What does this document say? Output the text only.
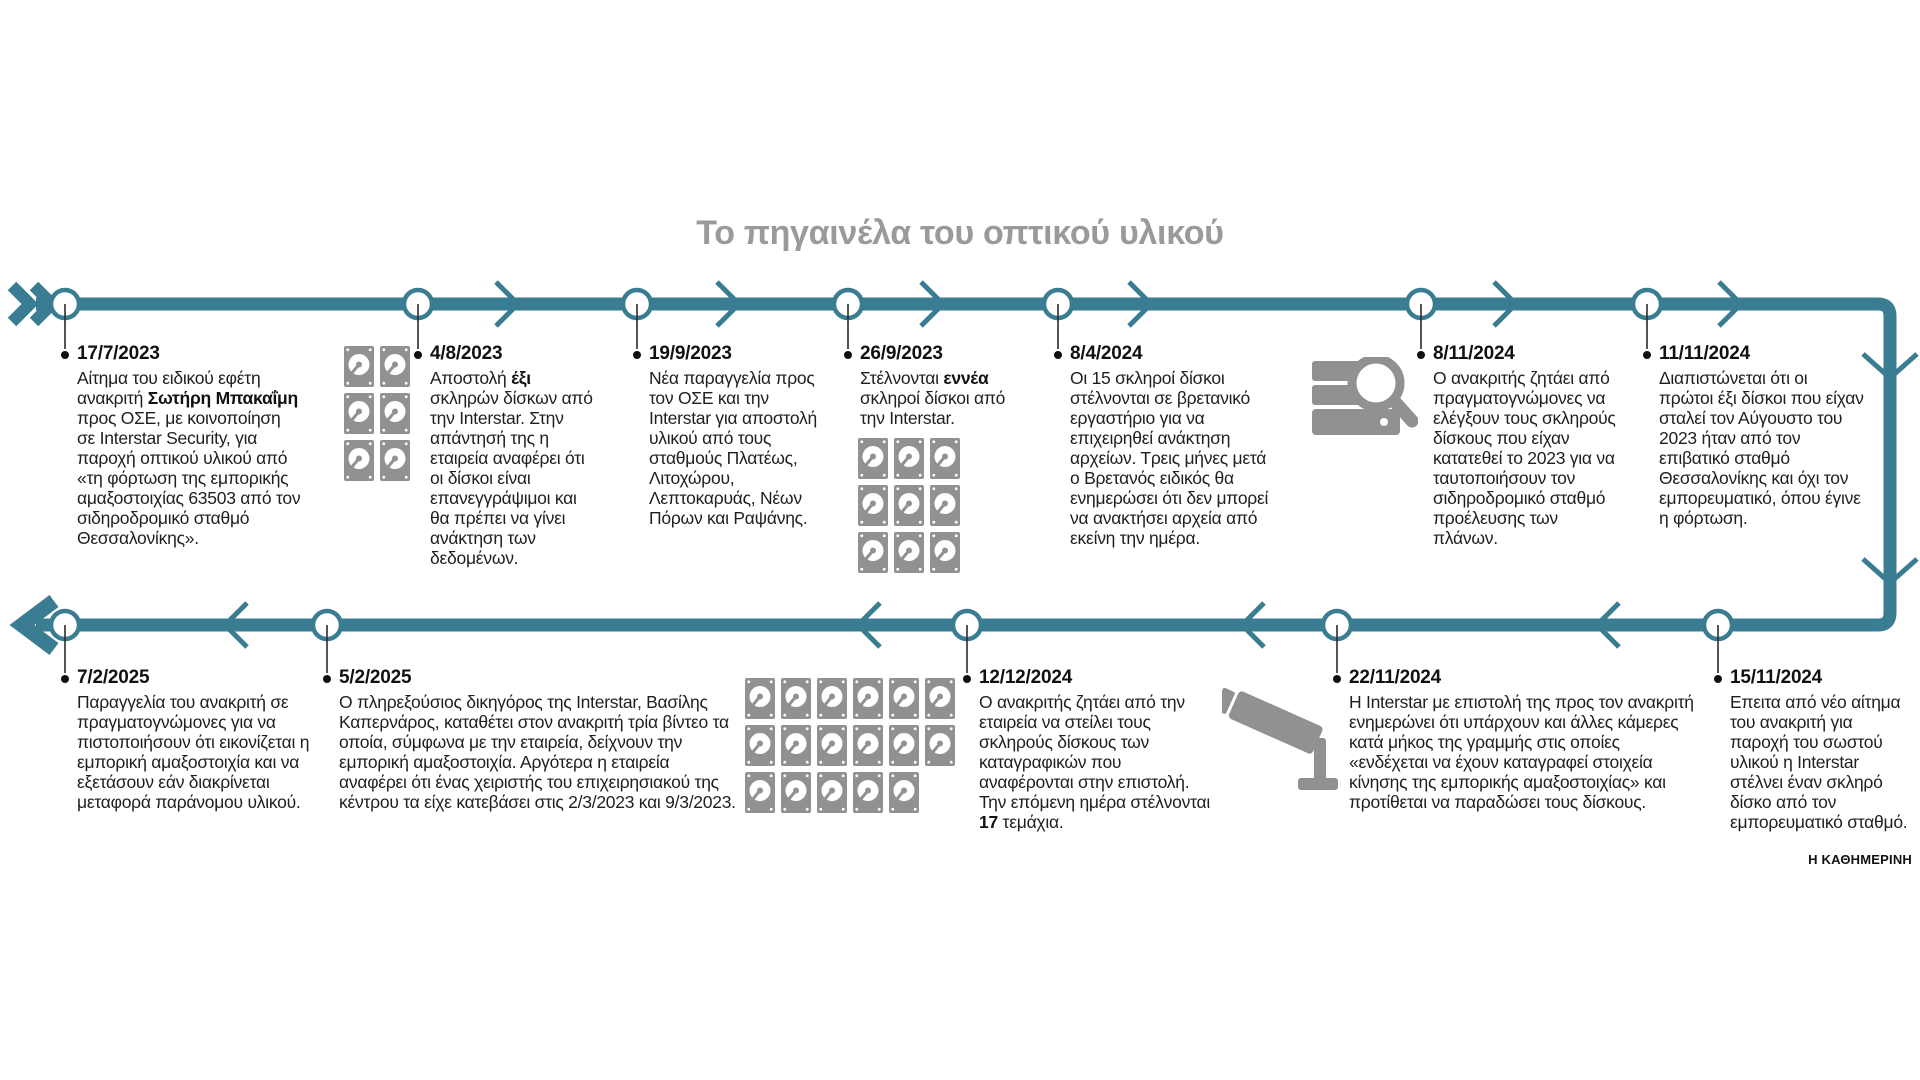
Το πηγαινέλα του οπτικού υλικού
17/7/2023
Αίτημα του ειδικού εφέτη ανακριτή Σωτήρη Μπακαΐμη προς ΟΣΕ, με κοινοποίηση σε Interstar Security, για παροχή οπτικού υλικού από «τη φόρτωση της εμπορικής αμαξοστοιχίας 63503 από τον σιδηροδρομικό σταθμό Θεσσαλονίκης».
4/8/2023
Αποστολή έξι σκληρών δίσκων από την Interstar. Στην απάντησή της η εταιρεία αναφέρει ότι οι δίσκοι είναι επανεγγράψιμοι και θα πρέπει να γίνει ανάκτηση των δεδομένων.
19/9/2023
Νέα παραγγελία προς τον ΟΣΕ και την Interstar για αποστολή υλικού από τους σταθμούς Πλατέως, Λιτοχώρου, Λεπτοκαρυάς, Νέων Πόρων και Ραψάνης.
26/9/2023
Στέλνονται εννέα σκληροί δίσκοι από την Interstar.
8/4/2024
Οι 15 σκληροί δίσκοι στέλνονται σε βρετανικό εργαστήριο για να επιχειρηθεί ανάκτηση αρχείων. Τρεις μήνες μετά ο Βρετανός ειδικός θα ενημερώσει ότι δεν μπορεί να ανακτήσει αρχεία από εκείνη την ημέρα.
8/11/2024
Ο ανακριτής ζητάει από πραγματογνώμονες να ελέγξουν τους σκληρούς δίσκους που είχαν κατατεθεί το 2023 για να ταυτοποιήσουν τον σιδηροδρομικό σταθμό προέλευσης των πλάνων.
11/11/2024
Διαπιστώνεται ότι οι πρώτοι έξι δίσκοι που είχαν σταλεί τον Αύγουστο του 2023 ήταν από τον επιβατικό σταθμό Θεσσαλονίκης και όχι τον εμπορευματικό, όπου έγινε η φόρτωση.
15/11/2024
Επειτα από νέο αίτημα του ανακριτή για παροχή του σωστού υλικού η Interstar στέλνει έναν σκληρό δίσκο από τον εμπορευματικό σταθμό.
22/11/2024
Η Interstar με επιστολή της προς τον ανακριτή ενημερώνει ότι υπάρχουν και άλλες κάμερες κατά μήκος της γραμμής στις οποίες «ενδέχεται να έχουν καταγραφεί στοιχεία κίνησης της εμπορικής αμαξοστοιχίας» και προτίθεται να παραδώσει τους δίσκους.
12/12/2024
Ο ανακριτής ζητάει από την εταιρεία να στείλει τους σκληρούς δίσκους των καταγραφικών που αναφέρονται στην επιστολή. Την επόμενη ημέρα στέλνονται 17 τεμάχια.
5/2/2025
Ο πληρεξούσιος δικηγόρος της Interstar, Βασίλης Καπερνάρος, καταθέτει στον ανακριτή τρία βίντεο τα οποία, σύμφωνα με την εταιρεία, δείχνουν την εμπορική αμαξοστοιχία. Αργότερα η εταιρεία αναφέρει ότι ένας χειριστής του επιχειρησιακού της κέντρου τα είχε κατεβάσει στις 2/3/2023 και 9/3/2023.
7/2/2025
Παραγγελία του ανακριτή σε πραγματογνώμονες για να πιστοποιήσουν ότι εικονίζεται η εμπορική αμαξοστοιχία και να εξετάσουν εάν διακρίνεται μεταφορά παράνομου υλικού.
Η ΚΑΘΗΜΕΡΙΝΗ
